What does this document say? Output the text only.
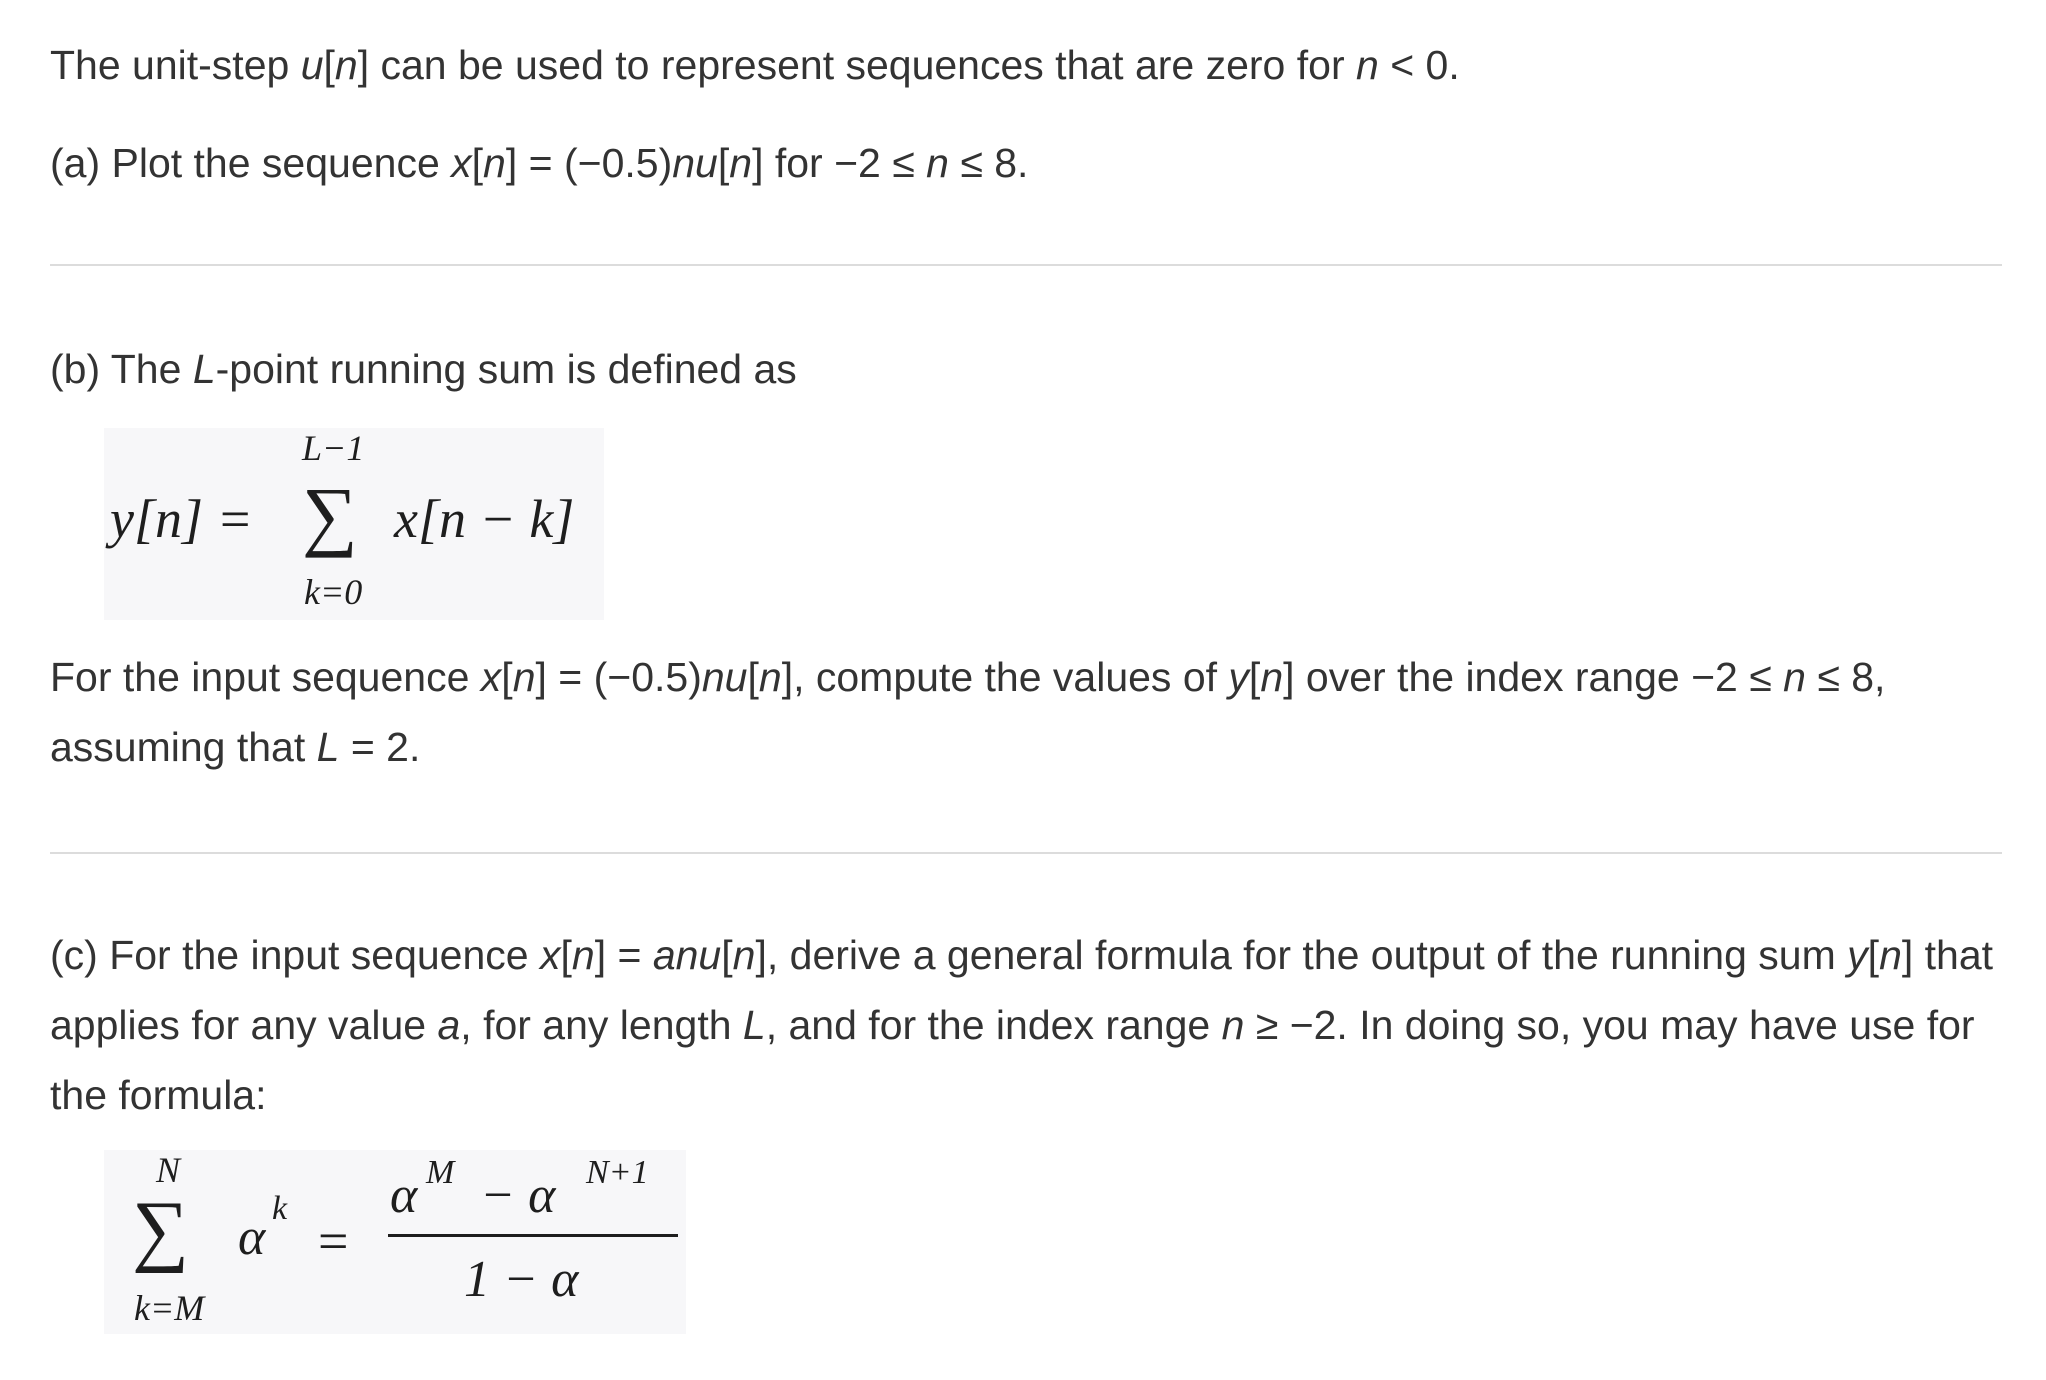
The unit-step u[n] can be used to represent sequences that are zero for n < 0.

(a) Plot the sequence x[n] = (−0.5)nu[n] for −2 ≤ n ≤ 8.

(b) The L-point running sum is defined as

y[n] = ∑
L−1
k=0
x[n − k]

For the input sequence x[n] = (−0.5)nu[n], compute the values of y[n] over the index range −2 ≤ n ≤ 8, assuming that L = 2.

(c) For the input sequence x[n] = anu[n], derive a general formula for the output of the running sum y[n] that applies for any value a, for any length L, and for the index range n ≥ −2. In doing so, you may have use for the formula:

N
∑
k=M
α
k
=
α M − α N+1
1 − α
